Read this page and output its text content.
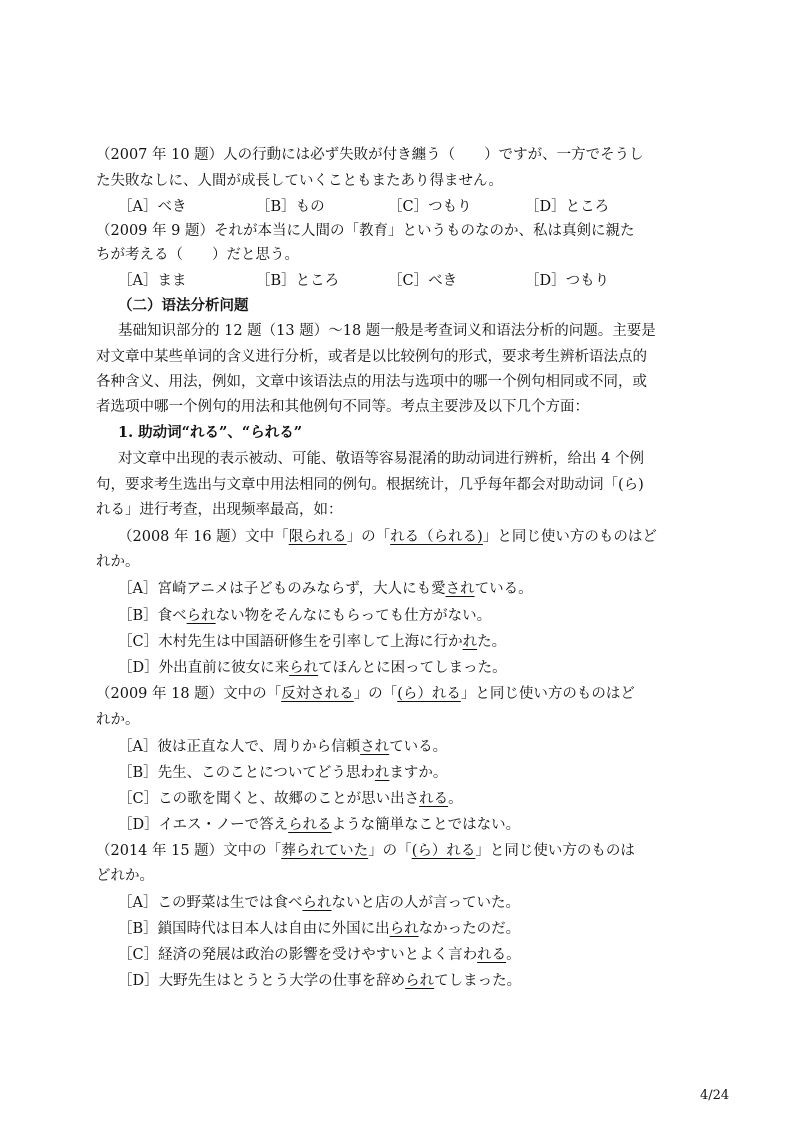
（2007 年 10 题）人の行動には必ず失敗が付き纏う（　　）ですが、一方でそうし
た失敗なしに、人間が成長していくこともまたあり得ません。
［A］べき	［B］もの	［C］つもり	［D］ところ
（2009 年 9 题）それが本当に人間の「教育」というものなのか、私は真剣に親た
ちが考える（　　）だと思う。
［A］まま	［B］ところ	［C］べき	［D］つもり
（二）语法分析问题
基础知识部分的 12 题（13 题）～18 题一般是考查词义和语法分析的问题。主要是
对文章中某些单词的含义进行分析，或者是以比较例句的形式，要求考生辨析语法点的
各种含义、用法，例如，文章中该语法点的用法与选项中的哪一个例句相同或不同，或
者选项中哪一个例句的用法和其他例句不同等。考点主要涉及以下几个方面：
1. 助动词“れる”、“られる”
对文章中出现的表示被动、可能、敬语等容易混淆的助动词进行辨析，给出 4 个例
句，要求考生选出与文章中用法相同的例句。根据统计，几乎每年都会对助动词「(ら)
れる」进行考查，出现频率最高，如：
（2008 年 16 题）文中「限られる」の「れる（られる)」と同じ使い方のものはど
れか。
［A］宮崎アニメは子どものみならず，大人にも愛されている。
［B］食べられない物をそんなにもらっても仕方がない。
［C］木村先生は中国語研修生を引率して上海に行かれた。
［D］外出直前に彼女に来られてほんとに困ってしまった。
（2009 年 18 题）文中の「反対される」の「(ら）れる」と同じ使い方のものはど
れか。
［A］彼は正直な人で、周りから信頼されている。
［B］先生、このことについてどう思われますか。
［C］この歌を聞くと、故郷のことが思い出される。
［D］イエス・ノーで答えられるような簡単なことではない。
（2014 年 15 题）文中の「葬られていた」の「(ら）れる」と同じ使い方のものは
どれか。
［A］この野菜は生では食べられないと店の人が言っていた。
［B］鎖国時代は日本人は自由に外国に出られなかったのだ。
［C］経済の発展は政治の影響を受けやすいとよく言われる。
［D］大野先生はとうとう大学の仕事を辞められてしまった。
4/24
